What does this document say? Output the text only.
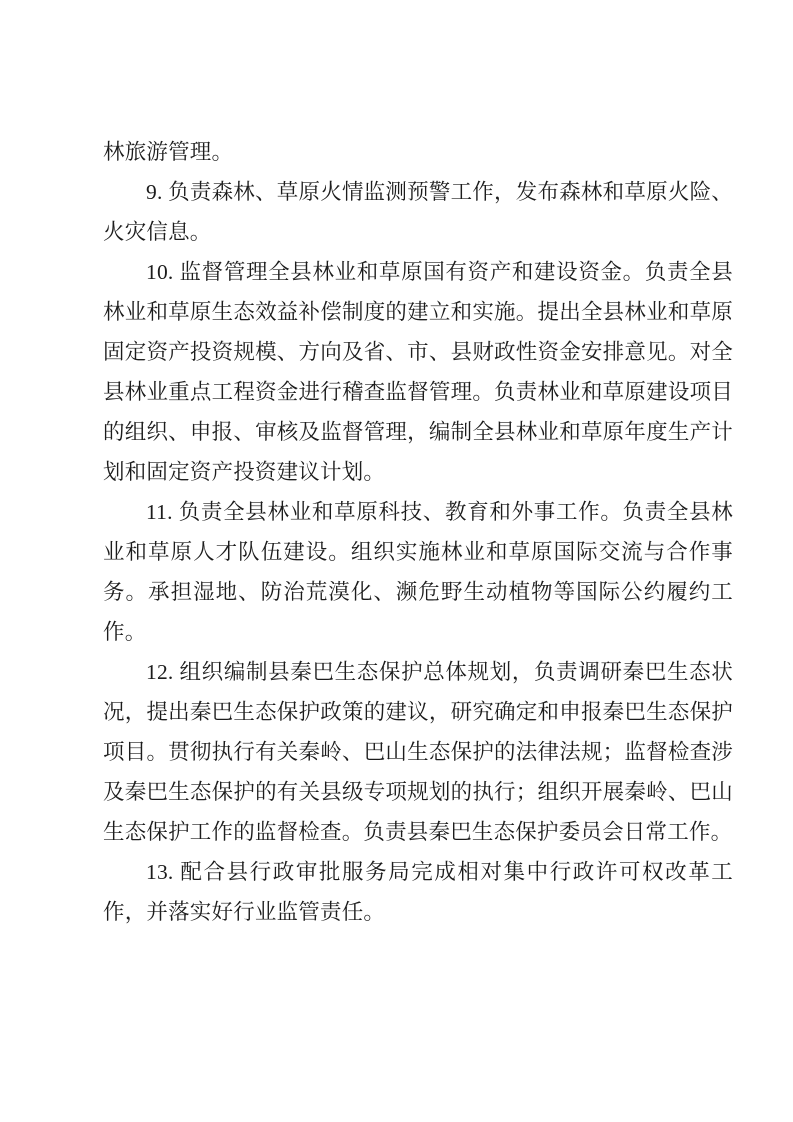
林旅游管理。

9. 负责森林、草原火情监测预警工作，发布森林和草原火险、火灾信息。

10. 监督管理全县林业和草原国有资产和建设资金。负责全县林业和草原生态效益补偿制度的建立和实施。提出全县林业和草原固定资产投资规模、方向及省、市、县财政性资金安排意见。对全县林业重点工程资金进行稽查监督管理。负责林业和草原建设项目的组织、申报、审核及监督管理，编制全县林业和草原年度生产计划和固定资产投资建议计划。

11. 负责全县林业和草原科技、教育和外事工作。负责全县林业和草原人才队伍建设。组织实施林业和草原国际交流与合作事务。承担湿地、防治荒漠化、濒危野生动植物等国际公约履约工作。

12. 组织编制县秦巴生态保护总体规划，负责调研秦巴生态状况，提出秦巴生态保护政策的建议，研究确定和申报秦巴生态保护项目。贯彻执行有关秦岭、巴山生态保护的法律法规；监督检查涉及秦巴生态保护的有关县级专项规划的执行；组织开展秦岭、巴山生态保护工作的监督检查。负责县秦巴生态保护委员会日常工作。

13. 配合县行政审批服务局完成相对集中行政许可权改革工作，并落实好行业监管责任。
